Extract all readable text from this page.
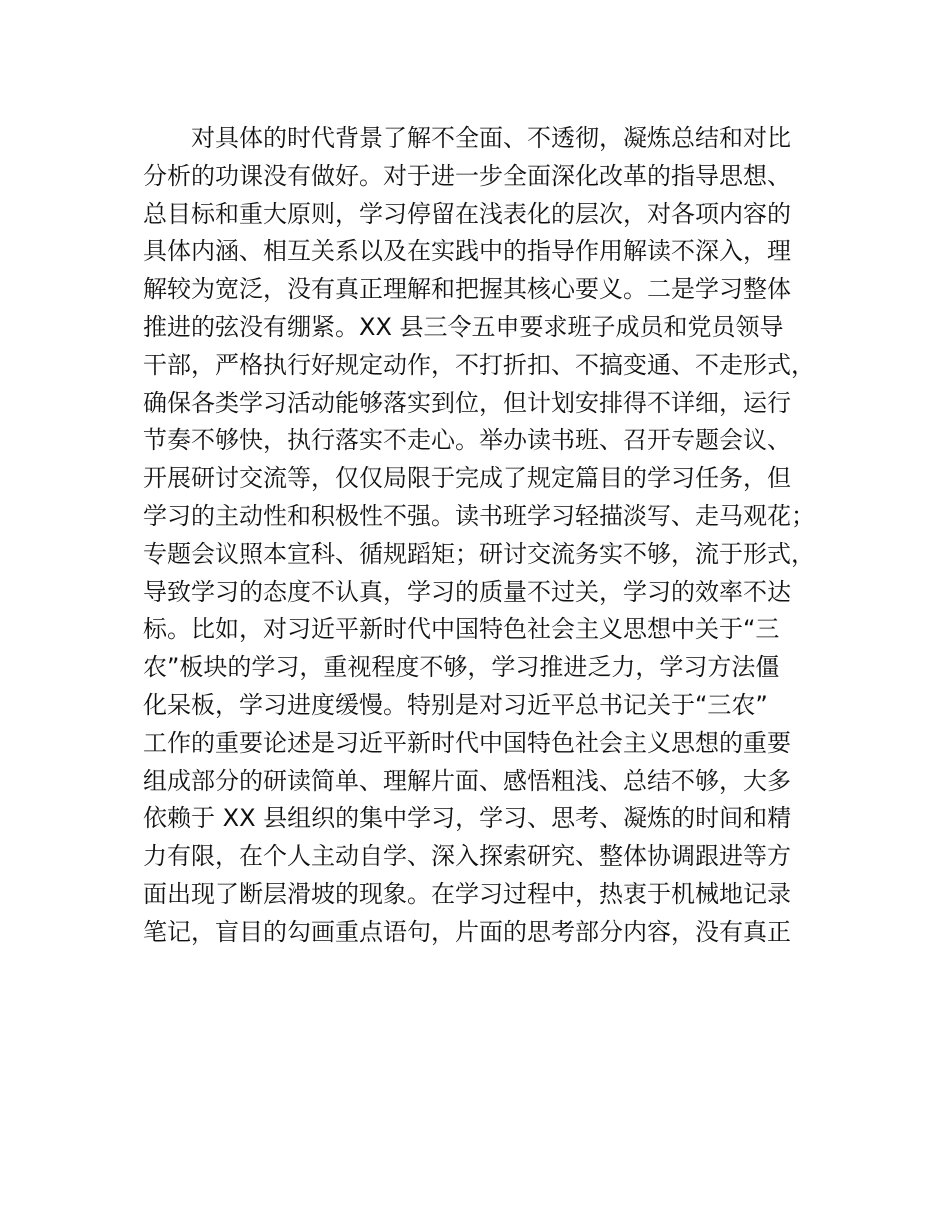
　　对具体的时代背景了解不全面、不透彻，凝炼总结和对比
分析的功课没有做好。对于进一步全面深化改革的指导思想、
总目标和重大原则，学习停留在浅表化的层次，对各项内容的
具体内涵、相互关系以及在实践中的指导作用解读不深入，理
解较为宽泛，没有真正理解和把握其核心要义。二是学习整体
推进的弦没有绷紧。XX 县三令五申要求班子成员和党员领导
干部，严格执行好规定动作，不打折扣、不搞变通、不走形式，
确保各类学习活动能够落实到位，但计划安排得不详细，运行
节奏不够快，执行落实不走心。举办读书班、召开专题会议、
开展研讨交流等，仅仅局限于完成了规定篇目的学习任务，但
学习的主动性和积极性不强。读书班学习轻描淡写、走马观花；
专题会议照本宣科、循规蹈矩；研讨交流务实不够，流于形式，
导致学习的态度不认真，学习的质量不过关，学习的效率不达
标。比如，对习近平新时代中国特色社会主义思想中关于“三
农”板块的学习，重视程度不够，学习推进乏力，学习方法僵
化呆板，学习进度缓慢。特别是对习近平总书记关于“三农”
工作的重要论述是习近平新时代中国特色社会主义思想的重要
组成部分的研读简单、理解片面、感悟粗浅、总结不够，大多
依赖于 XX 县组织的集中学习，学习、思考、凝炼的时间和精
力有限，在个人主动自学、深入探索研究、整体协调跟进等方
面出现了断层滑坡的现象。在学习过程中，热衷于机械地记录
笔记，盲目的勾画重点语句，片面的思考部分内容，没有真正
